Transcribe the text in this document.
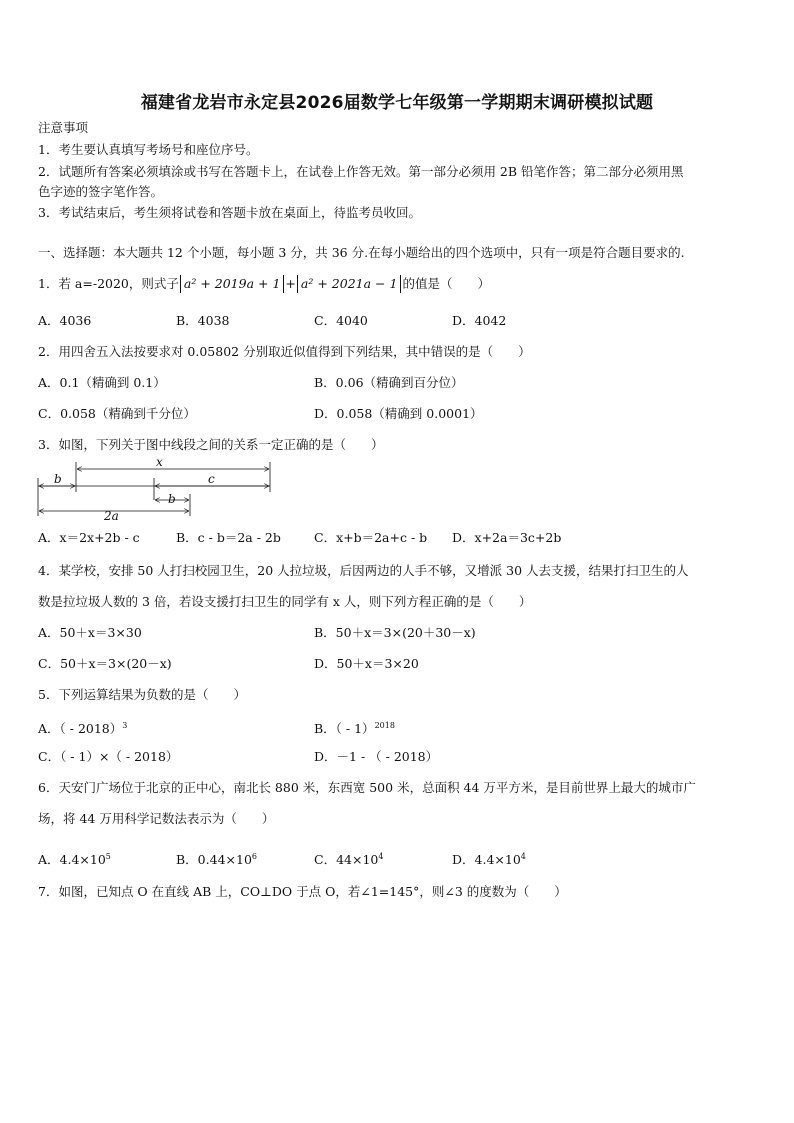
福建省龙岩市永定县2026届数学七年级第一学期期末调研模拟试题
注意事项
1．考生要认真填写考场号和座位序号。
2．试题所有答案必须填涂或书写在答题卡上，在试卷上作答无效。第一部分必须用 2B 铅笔作答；第二部分必须用黑
色字迹的签字笔作答。
3．考试结束后，考生须将试卷和答题卡放在桌面上，待监考员收回。
一、选择题：本大题共 12 个小题，每小题 3 分，共 36 分.在每小题给出的四个选项中，只有一项是符合题目要求的.
1．若 a=-2020，则式子 a² + 2019a + 1 + a² + 2021a − 1 的值是（　　）
A．4036	B．4038	C．4040	D．4042
2．用四舍五入法按要求对 0.05802 分别取近似值得到下列结果，其中错误的是（　　）
A．0.1（精确到 0.1）	B．0.06（精确到百分位）
C．0.058（精确到千分位）	D．0.058（精确到 0.0001）
3．如图，下列关于图中线段之间的关系一定正确的是（　　）
x
b	c
b
2a
A．x＝2x+2b - c	B．c - b＝2a - 2b	C．x+b＝2a+c - b D．x+2a＝3c+2b
4．某学校，安排 50 人打扫校园卫生，20 人拉垃圾，后因两边的人手不够，又增派 30 人去支援，结果打扫卫生的人
数是拉垃圾人数的 3 倍，若设支援打扫卫生的同学有 x 人，则下列方程正确的是（　　）
A．50＋x＝3×30	B．50＋x＝3×(20＋30－x)
C．50＋x＝3×(20－x)	D．50＋x＝3×20
5．下列运算结果为负数的是（　　）
A．（ - 2018）$^3$	B．（ - 1）$^{2018}$
C．（ - 1）×（ - 2018）	D．－1 - （ - 2018）
6．天安门广场位于北京的正中心，南北长 880 米，东西宽 500 米，总面积 44 万平方米，是目前世界上最大的城市广
场，将 44 万用科学记数法表示为（　　）
A．$4.4\times 10^5$	B．$0.44\times 10^6$	C．$44\times 10^4$	D．$4.4\times 10^4$
7．如图，已知点 O 在直线 AB 上，CO⊥DO 于点 O，若∠1=145°，则∠3 的度数为（　　）
